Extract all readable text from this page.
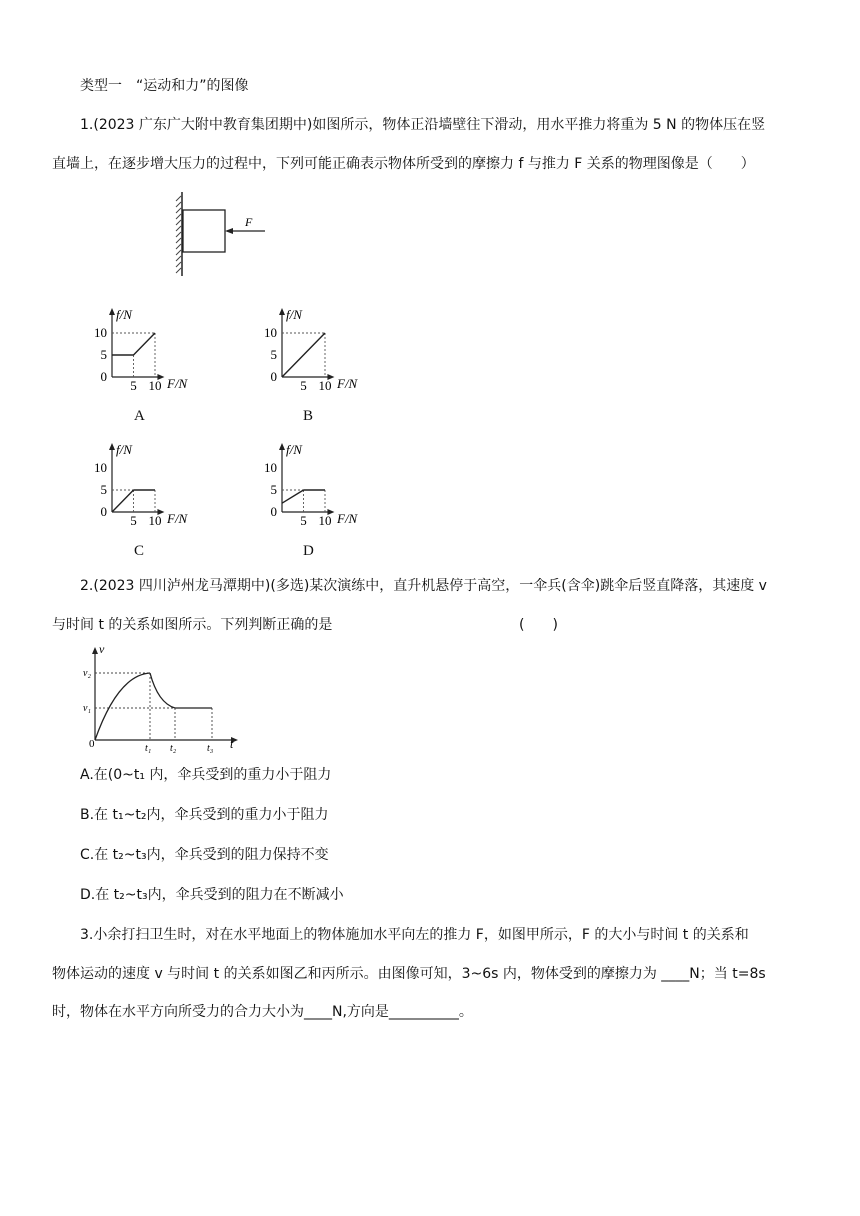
类型一　“运动和力”的图像
1.(2023 广东广大附中教育集团期中)如图所示，物体正沿墙壁往下滑动，用水平推力将重为 5 N 的物体压在竖
直墙上，在逐步增大压力的过程中，下列可能正确表示物体所受到的摩擦力 f 与推力 F 关系的物理图像是（　　）
F
f/N
F/N
10
5
0
5 10
A
f/N
F/N
10
5
0
5 10
B
f/N
F/N
10
5
0
5 10
C
f/N
F/N
10
5
0
5 10
D
2.(2023 四川泸州龙马潭期中)(多选)某次演练中，直升机悬停于高空，一伞兵(含伞)跳伞后竖直降落，其速度 v
与时间 t 的关系如图所示。下列判断正确的是	(　　)
v
t
0
v₂
v₁
t₁ t₂	t₃
A.在(0~t₁ 内，伞兵受到的重力小于阻力
B.在 t₁~t₂内，伞兵受到的重力小于阻力
C.在 t₂~t₃内，伞兵受到的阻力保持不变
D.在 t₂~t₃内，伞兵受到的阻力在不断减小
3.小余打扫卫生时，对在水平地面上的物体施加水平向左的推力 F，如图甲所示，F 的大小与时间 t 的关系和
物体运动的速度 v 与时间 t 的关系如图乙和丙所示。由图像可知，3~6s 内，物体受到的摩擦力为 ____N；当 t=8s
时，物体在水平方向所受力的合力大小为____N,方向是__________。
